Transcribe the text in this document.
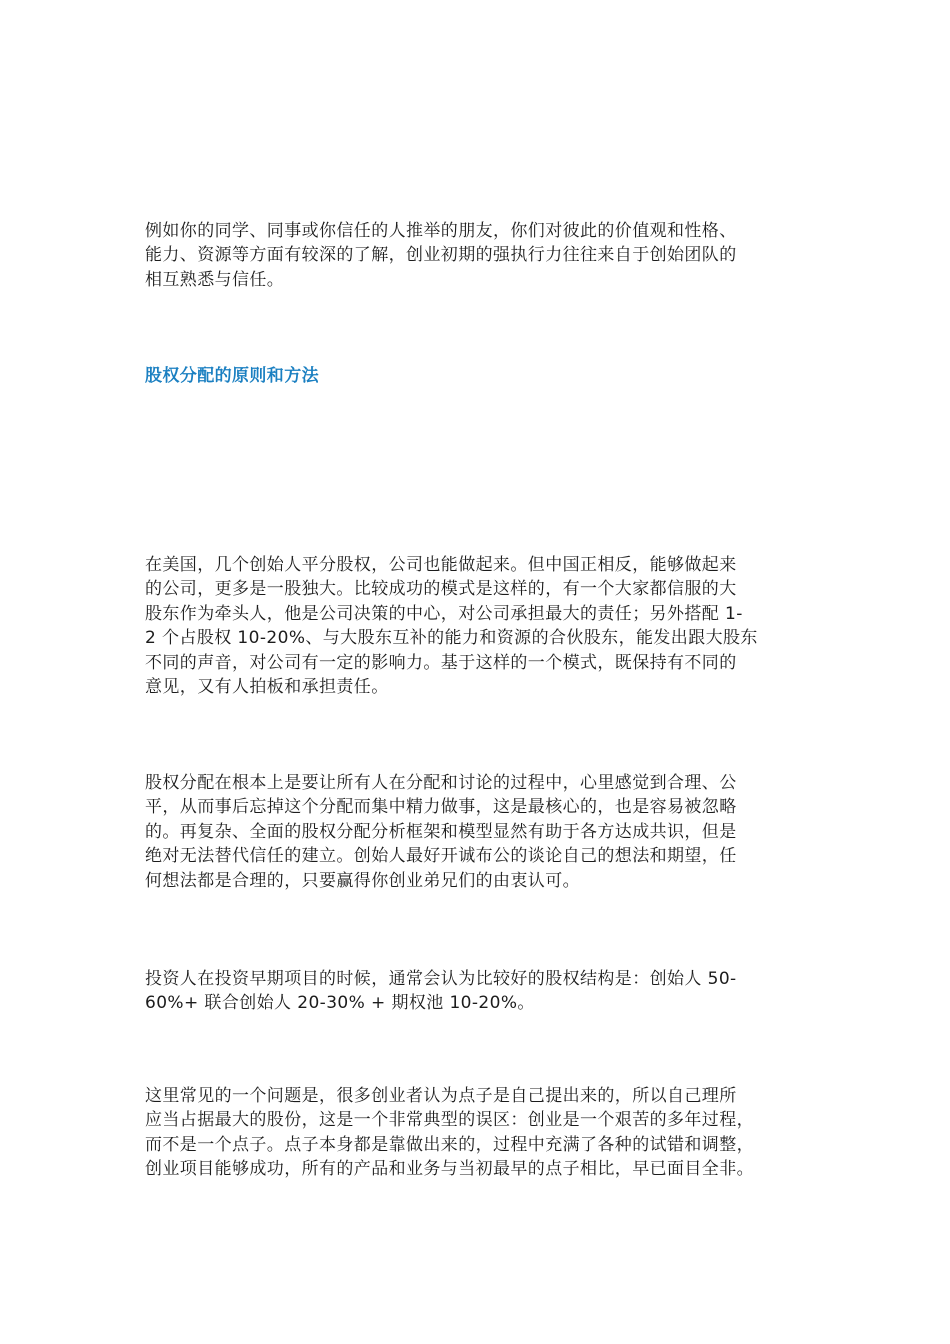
例如你的同学、同事或你信任的人推举的朋友，你们对彼此的价值观和性格、
能力、资源等方面有较深的了解，创业初期的强执行力往往来自于创始团队的
相互熟悉与信任。

股权分配的原则和方法

在美国，几个创始人平分股权，公司也能做起来。但中国正相反，能够做起来
的公司，更多是一股独大。比较成功的模式是这样的，有一个大家都信服的大
股东作为牵头人，他是公司决策的中心，对公司承担最大的责任；另外搭配 1-
2 个占股权 10-20%、与大股东互补的能力和资源的合伙股东，能发出跟大股东
不同的声音，对公司有一定的影响力。基于这样的一个模式，既保持有不同的
意见，又有人拍板和承担责任。

股权分配在根本上是要让所有人在分配和讨论的过程中，心里感觉到合理、公
平，从而事后忘掉这个分配而集中精力做事，这是最核心的，也是容易被忽略
的。再复杂、全面的股权分配分析框架和模型显然有助于各方达成共识，但是
绝对无法替代信任的建立。创始人最好开诚布公的谈论自己的想法和期望，任
何想法都是合理的，只要赢得你创业弟兄们的由衷认可。

投资人在投资早期项目的时候，通常会认为比较好的股权结构是：创始人 50-
60%+ 联合创始人 20-30% + 期权池 10-20%。

这里常见的一个问题是，很多创业者认为点子是自己提出来的，所以自己理所
应当占据最大的股份，这是一个非常典型的误区：创业是一个艰苦的多年过程，
而不是一个点子。点子本身都是靠做出来的，过程中充满了各种的试错和调整，
创业项目能够成功，所有的产品和业务与当初最早的点子相比，早已面目全非。
